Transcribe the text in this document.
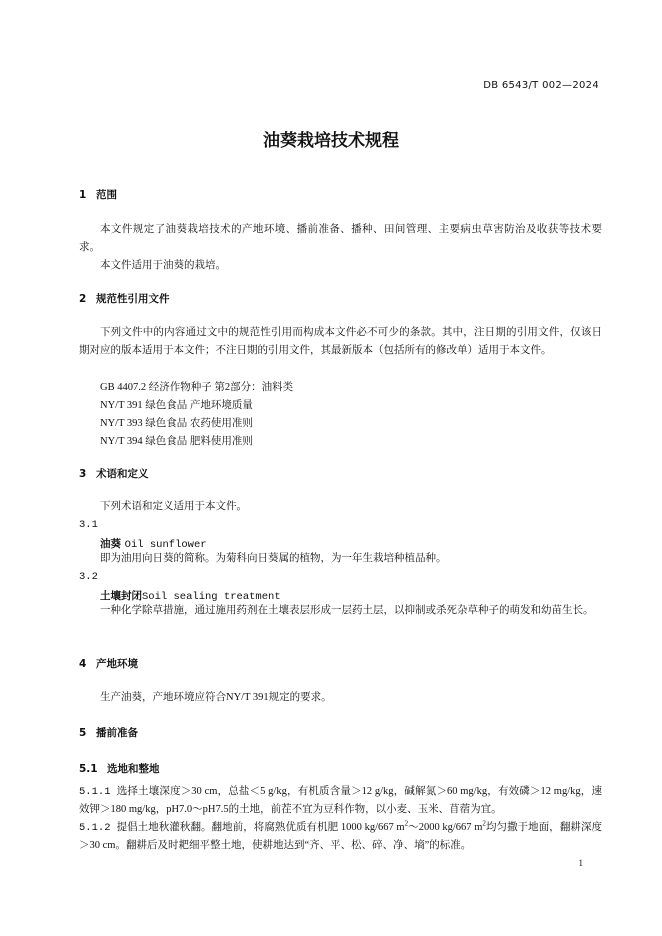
DB 6543/T 002—2024
油葵栽培技术规程
1 范围
本文件规定了油葵栽培技术的产地环境、播前准备、播种、田间管理、主要病虫草害防治及收获等技术要求。
本文件适用于油葵的栽培。
2 规范性引用文件
下列文件中的内容通过文中的规范性引用而构成本文件必不可少的条款。其中，注日期的引用文件，仅该日期对应的版本适用于本文件；不注日期的引用文件，其最新版本（包括所有的修改单）适用于本文件。
GB 4407.2 经济作物种子 第2部分：油料类
NY/T 391 绿色食品 产地环境质量
NY/T 393 绿色食品 农药使用准则
NY/T 394 绿色食品 肥料使用准则
3 术语和定义
下列术语和定义适用于本文件。
3.1
油葵 Oil sunflower
即为油用向日葵的简称。为菊科向日葵属的植物，为一年生栽培种植品种。
3.2
土壤封闭Soil sealing treatment
一种化学除草措施，通过施用药剂在土壤表层形成一层药土层，以抑制或杀死杂草种子的萌发和幼苗生长。
4 产地环境
生产油葵，产地环境应符合NY/T 391规定的要求。
5 播前准备
5.1 选地和整地
5.1.1 选择土壤深度＞30 cm，总盐＜5 g/kg，有机质含量＞12 g/kg，碱解氮＞60 mg/kg，有效磷＞12 mg/kg，速效钾＞180 mg/kg，pH7.0～pH7.5的土地，前茬不宜为豆科作物，以小麦、玉米、苜蓿为宜。
5.1.2 提倡土地秋灌秋翻。翻地前，将腐熟优质有机肥 1000 kg/667 $m^2\sim 2000$ kg/667 $m^2$均匀撒于地面，翻耕深度＞30 cm。翻耕后及时耙细平整土地，使耕地达到“齐、平、松、碎、净、墒”的标准。
1
